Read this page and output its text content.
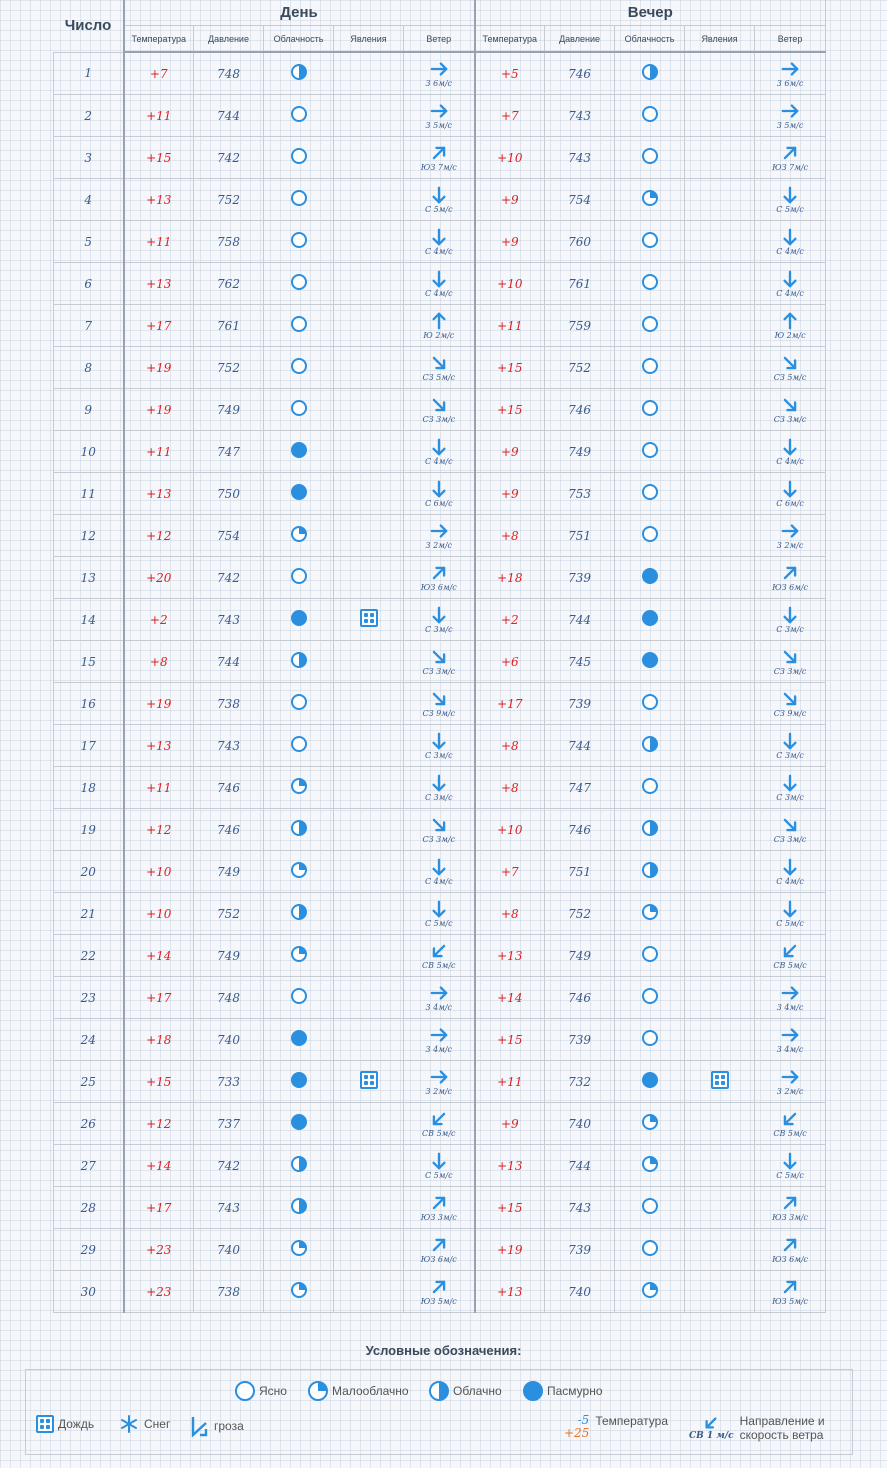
Число	День					Вечер				
	Температура	Давление	Облачность	Явления	Ветер	Температура	Давление	Облачность	Явления	Ветер
1	+7	748			3 6м/с	+5	746			3 6м/с

2	+11	744			3 5м/с	+7	743			3 5м/с

3	+15	742			ЮЗ 7м/с	+10	743			ЮЗ 7м/с

4	+13	752			С 5м/с	+9	754			С 5м/с

5	+11	758			С 4м/с	+9	760			С 4м/с

6	+13	762			С 4м/с	+10	761			С 4м/с

7	+17	761			Ю 2м/с	+11	759			Ю 2м/с

8	+19	752			СЗ 5м/с	+15	752			СЗ 5м/с

9	+19	749			СЗ 3м/с	+15	746			СЗ 3м/с

10	+11	747			С 4м/с	+9	749			С 4м/с

11	+13	750			С 6м/с	+9	753			С 6м/с

12	+12	754			3 2м/с	+8	751			3 2м/с

13	+20	742			ЮЗ 6м/с	+18	739			ЮЗ 6м/с

14	+2	743			С 3м/с	+2	744			С 3м/с

15	+8	744			СЗ 3м/с	+6	745			СЗ 3м/с

16	+19	738			СЗ 9м/с	+17	739			СЗ 9м/с

17	+13	743			С 3м/с	+8	744			С 3м/с

18	+11	746			С 3м/с	+8	747			С 3м/с

19	+12	746			СЗ 3м/с	+10	746			СЗ 3м/с

20	+10	749			С 4м/с	+7	751			С 4м/с

21	+10	752			С 5м/с	+8	752			С 5м/с

22	+14	749			СВ 5м/с	+13	749			СВ 5м/с

23	+17	748			3 4м/с	+14	746			3 4м/с

24	+18	740			3 4м/с	+15	739			3 4м/с

25	+15	733			3 2м/с	+11	732			3 2м/с

26	+12	737			СВ 5м/с	+9	740			СВ 5м/с

27	+14	742			С 5м/с	+13	744			С 5м/с

28	+17	743			ЮЗ 3м/с	+15	743			ЮЗ 3м/с

29	+23	740			ЮЗ 6м/с	+19	739			ЮЗ 6м/с

30	+23	738			ЮЗ 5м/с	+13	740			ЮЗ 5м/с
Условные обозначения:
Ясно	Малооблачно	Облачно	Пасмурно
Дождь	Снег	гроза	-5
+25
Температура
СВ 1 м/с
Направление и
скорость ветра
